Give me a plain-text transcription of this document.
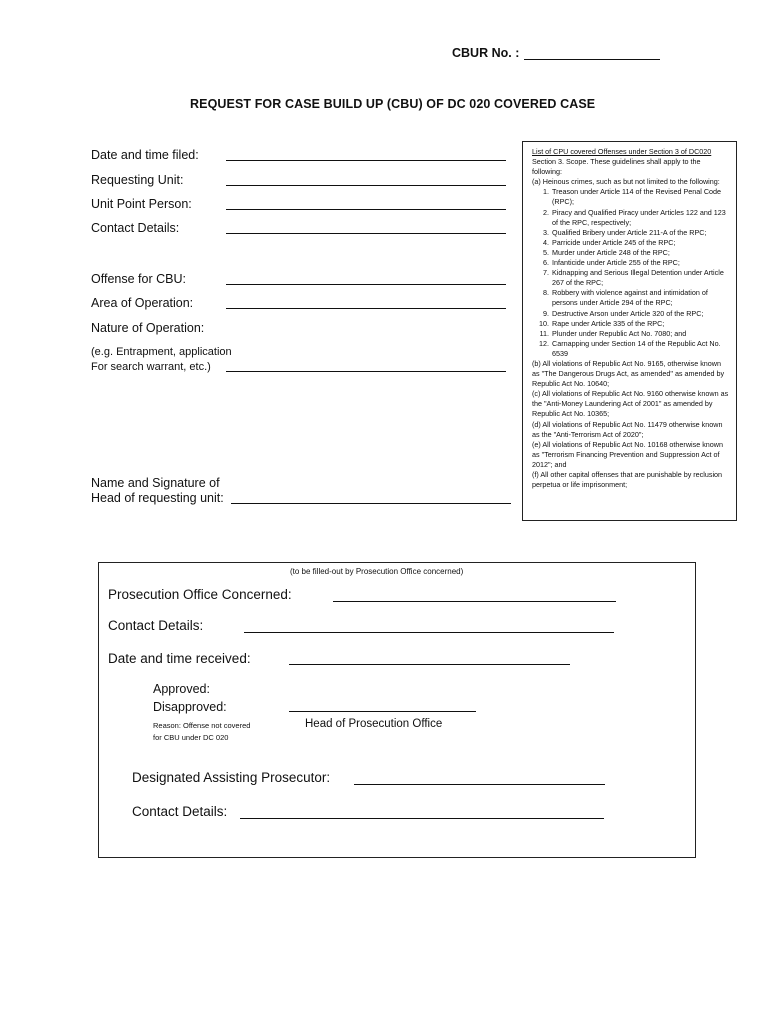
CBUR No. :
REQUEST FOR CASE BUILD UP (CBU) OF DC 020 COVERED CASE
Date and time filed:
Requesting Unit:
Unit Point Person:
Contact Details:
Offense for CBU:
Area of Operation:
Nature of Operation:
(e.g. Entrapment, application
For search warrant, etc.)
Name and Signature of
Head of requesting unit:

List of CPU covered Offenses under Section 3 of DC020

Section 3. Scope. These guidelines shall apply to the following:

(a) Heinous crimes, such as but not limited to the following:

1. Treason under Article 114 of the Revised Penal Code (RPC);
2. Piracy and Qualified Piracy under Articles 122 and 123 of the RPC, respectively;
3. Qualified Bribery under Article 211-A of the RPC;
4. Parricide under Article 245 of the RPC;
5. Murder under Article 248 of the RPC;
6. Infanticide under Article 255 of the RPC;
7. Kidnapping and Serious Illegal Detention under Article 267 of the RPC;
8. Robbery with violence against and intimidation of persons under Article 294 of the RPC;
9. Destructive Arson under Article 320 of the RPC;
10. Rape under Article 335 of the RPC;
11. Plunder under Republic Act No. 7080; and
12. Carnapping under Section 14 of the Republic Act No. 6539

(b) All violations of Republic Act No. 9165, otherwise known as "The Dangerous Drugs Act, as amended" as amended by Republic Act No. 10640;

(c) All violations of Republic Act No. 9160 otherwise known as the "Anti-Money Laundering Act of 2001" as amended by Republic Act No. 10365;

(d) All violations of Republic Act No. 11479 otherwise known as the "Anti-Terrorism Act of 2020";

(e) All violations of Republic Act No. 10168 otherwise known as "Terrorism Financing Prevention and Suppression Act of 2012"; and

(f) All other capital offenses that are punishable by reclusion perpetua or life imprisonment;

(to be filled-out by Prosecution Office concerned)
Prosecution Office Concerned:
Contact Details:
Date and time received:
Approved:
Disapproved:
Reason: Offense not covered
for CBU under DC 020
Head of Prosecution Office
Designated Assisting Prosecutor:
Contact Details:
